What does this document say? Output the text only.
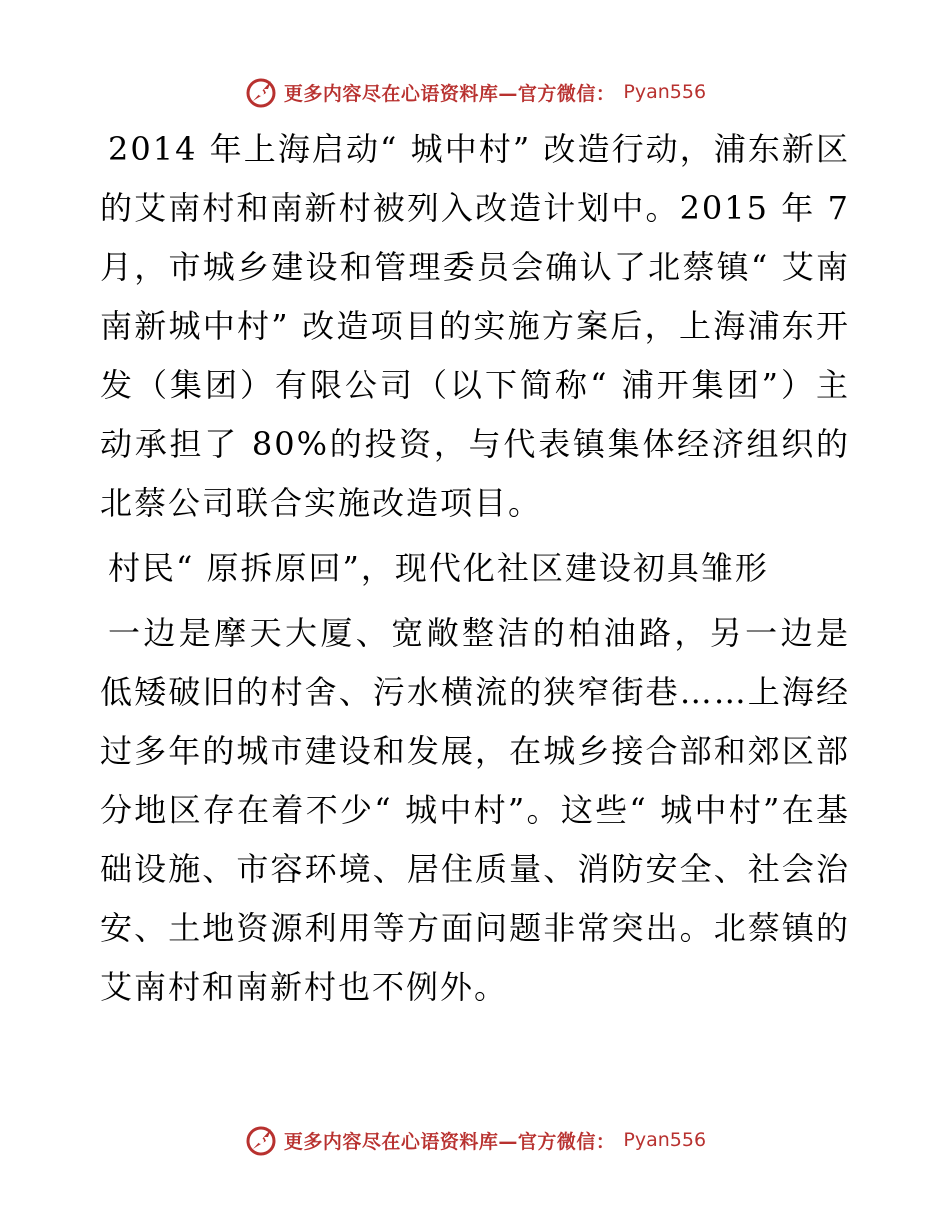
更多内容尽在心语资料库—官方微信： Pyan556

2014 年上海启动“ 城中村” 改造行动，浦东新区的艾南村和南新村被列入改造计划中。2015 年 7 月，市城乡建设和管理委员会确认了北蔡镇“ 艾南南新城中村” 改造项目的实施方案后，上海浦东开发（集团）有限公司（以下简称“ 浦开集团”）主动承担了 80%的投资，与代表镇集体经济组织的北蔡公司联合实施改造项目。

村民“ 原拆原回”，现代化社区建设初具雏形

一边是摩天大厦、宽敞整洁的柏油路，另一边是低矮破旧的村舍、污水横流的狭窄街巷……上海经过多年的城市建设和发展，在城乡接合部和郊区部分地区存在着不少“ 城中村”。这些“ 城中村”在基础设施、市容环境、居住质量、消防安全、社会治安、土地资源利用等方面问题非常突出。北蔡镇的艾南村和南新村也不例外。

更多内容尽在心语资料库—官方微信： Pyan556
